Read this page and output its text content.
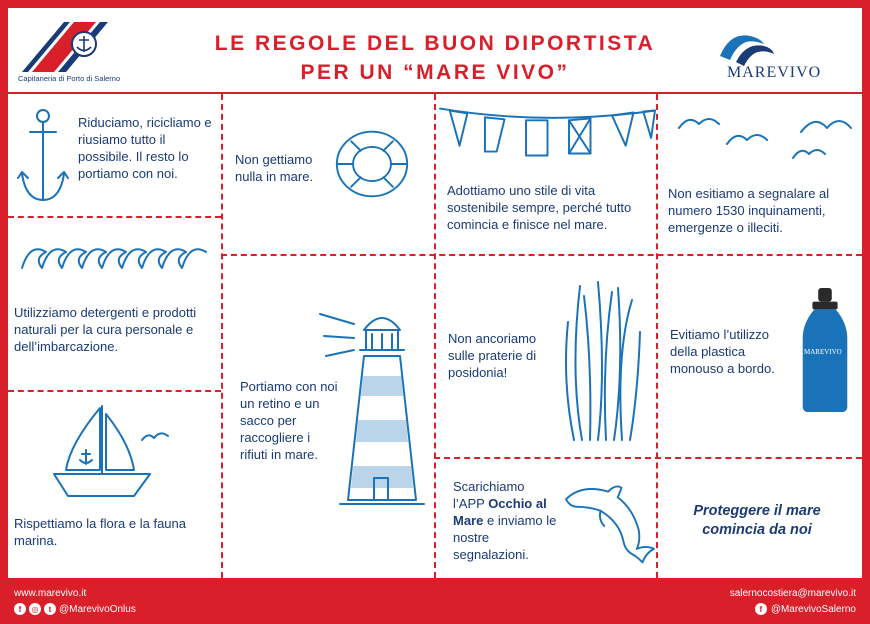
Capitaneria di Porto di Salerno
LE REGOLE DEL BUON DIPORTISTA
PER UN “MARE VIVO”	MAREVIVO
Riduciamo, ricicliamo e riusiamo tutto il possibile. Il resto lo portiamo con noi.
Non gettiamo nulla in mare.
Adottiamo uno stile di vita sostenibile sempre, perché tutto comincia e finisce nel mare.
Non esitiamo a segnalare al numero 1530 inquinamenti, emergenze o illeciti.
Utilizziamo detergenti e prodotti naturali per la cura personale e dell’imbarcazione.
Portiamo con noi un retino e un sacco per raccogliere i rifiuti in mare.
Non ancoriamo sulle praterie di posidonia!
Evitiamo l’utilizzo della plastica monouso a bordo.
MAREVIVO
Rispettiamo la flora e la fauna marina.
Scarichiamo l’APP Occhio al Mare e inviamo le nostre segnalazioni.
Proteggere il mare comincia da noi
www.marevivo.it
f	◎	t @MarevivoOnlus
salernocostiera@marevivo.it
f @MarevivoSalerno
